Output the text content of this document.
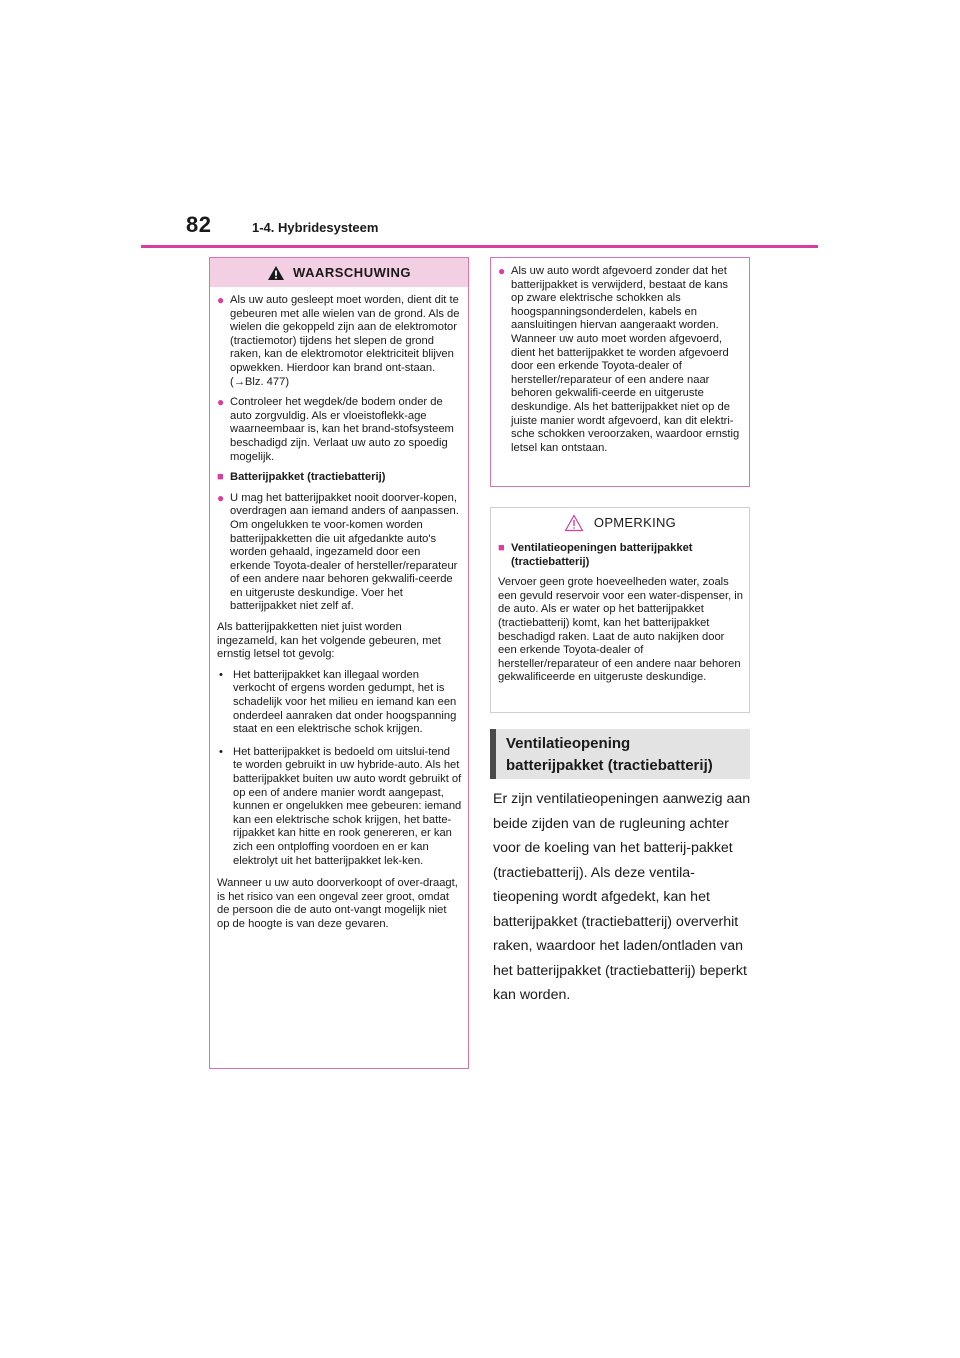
82	1-4. Hybridesysteem
WAARSCHUWING
● Als uw auto gesleept moet worden, dient dit te gebeuren met alle wielen van de grond. Als de wielen die gekoppeld zijn aan de elektromotor (tractiemotor) tijdens het slepen de grond raken, kan de elektromotor elektriciteit blijven opwekken. Hierdoor kan brand ont-staan. (→Blz. 477)
● Controleer het wegdek/de bodem onder de auto zorgvuldig. Als er vloeistoflekk-age waarneembaar is, kan het brand-stofsysteem beschadigd zijn. Verlaat uw auto zo spoedig mogelijk.
■ Batterijpakket (tractiebatterij)
● U mag het batterijpakket nooit doorver-kopen, overdragen aan iemand anders of aanpassen. Om ongelukken te voor-komen worden batterijpakketten die uit afgedankte auto's worden gehaald, ingezameld door een erkende Toyota-dealer of hersteller/reparateur of een andere naar behoren gekwalifi-ceerde en uitgeruste deskundige. Voer het batterijpakket niet zelf af.

Als batterijpakketten niet juist worden ingezameld, kan het volgende gebeuren, met ernstig letsel tot gevolg:

• Het batterijpakket kan illegaal worden verkocht of ergens worden gedumpt, het is schadelijk voor het milieu en iemand kan een onderdeel aanraken dat onder hoogspanning staat en een elektrische schok krijgen.
• Het batterijpakket is bedoeld om uitslui-tend te worden gebruikt in uw hybride-auto. Als het batterijpakket buiten uw auto wordt gebruikt of op een of andere manier wordt aangepast, kunnen er ongelukken mee gebeuren: iemand kan een elektrische schok krijgen, het batte-rijpakket kan hitte en rook genereren, er kan zich een ontploffing voordoen en er kan elektrolyt uit het batterijpakket lek-ken.

Wanneer u uw auto doorverkoopt of over-draagt, is het risico van een ongeval zeer groot, omdat de persoon die de auto ont-vangt mogelijk niet op de hoogte is van deze gevaren.

● Als uw auto wordt afgevoerd zonder dat het batterijpakket is verwijderd, bestaat de kans op zware elektrische schokken als hoogspanningsonderdelen, kabels en aansluitingen hiervan aangeraakt worden. Wanneer uw auto moet worden afgevoerd, dient het batterijpakket te worden afgevoerd door een erkende Toyota-dealer of hersteller/reparateur of een andere naar behoren gekwalifi-ceerde en uitgeruste deskundige. Als het batterijpakket niet op de juiste manier wordt afgevoerd, kan dit elektri-sche schokken veroorzaken, waardoor ernstig letsel kan ontstaan.
OPMERKING
■ Ventilatieopeningen batterijpakket (tractiebatterij)

Vervoer geen grote hoeveelheden water, zoals een gevuld reservoir voor een water-dispenser, in de auto. Als er water op het batterijpakket (tractiebatterij) komt, kan het batterijpakket beschadigd raken. Laat de auto nakijken door een erkende Toyota-dealer of hersteller/reparateur of een andere naar behoren gekwalificeerde en uitgeruste deskundige.

Ventilatieopening
batterijpakket (tractiebatterij)
Er zijn ventilatieopeningen aanwezig aan beide zijden van de rugleuning achter voor de koeling van het batterij-pakket (tractiebatterij). Als deze ventila-tieopening wordt afgedekt, kan het batterijpakket (tractiebatterij) oververhit raken, waardoor het laden/ontladen van het batterijpakket (tractiebatterij) beperkt kan worden.
